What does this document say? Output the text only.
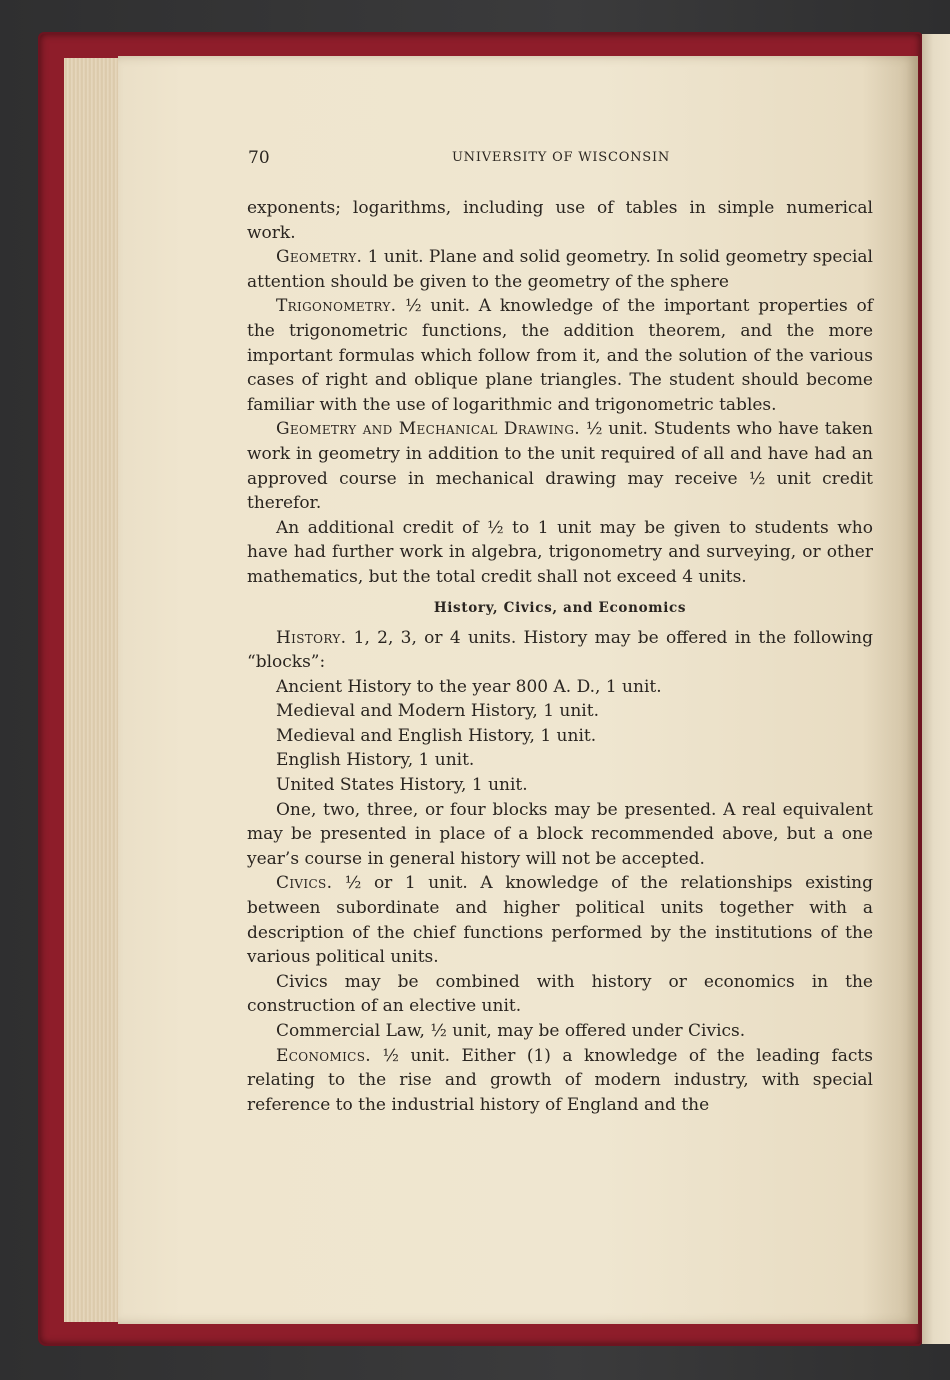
70	UNIVERSITY OF WISCONSIN

exponents; logarithms, including use of tables in simple numerical work.

Geometry. 1 unit. Plane and solid geometry. In solid geometry special attention should be given to the geometry of the sphere

Trigonometry. ½ unit. A knowledge of the important properties of the trigonometric functions, the addition theorem, and the more important formulas which follow from it, and the solution of the various cases of right and oblique plane triangles. The student should become familiar with the use of logarithmic and trigonometric tables.

Geometry and Mechanical Drawing. ½ unit. Students who have taken work in geometry in addition to the unit required of all and have had an approved course in mechanical drawing may receive ½ unit credit therefor.

An additional credit of ½ to 1 unit may be given to students who have had further work in algebra, trigonometry and surveying, or other mathematics, but the total credit shall not exceed 4 units.

History, Civics, and Economics

History. 1, 2, 3, or 4 units. History may be offered in the following “blocks”:

Ancient History to the year 800 A. D., 1 unit.

Medieval and Modern History, 1 unit.

Medieval and English History, 1 unit.

English History, 1 unit.

United States History, 1 unit.

One, two, three, or four blocks may be presented. A real equivalent may be presented in place of a block recommended above, but a one year’s course in general history will not be accepted.

Civics. ½ or 1 unit. A knowledge of the relationships existing between subordinate and higher political units together with a description of the chief functions performed by the institutions of the various political units.

Civics may be combined with history or economics in the construction of an elective unit.

Commercial Law, ½ unit, may be offered under Civics.

Economics. ½ unit. Either (1) a knowledge of the leading facts relating to the rise and growth of modern industry, with special reference to the industrial history of England and the
